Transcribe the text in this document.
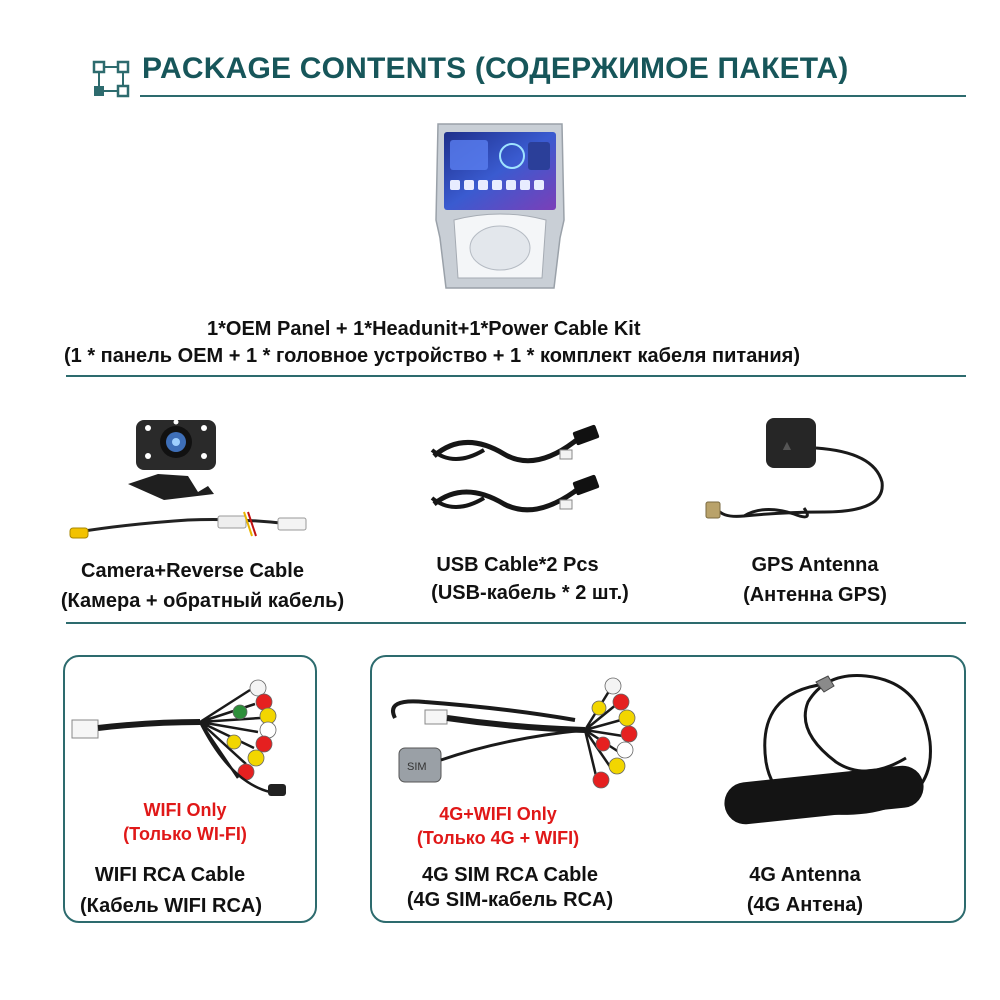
PACKAGE CONTENTS (СОДЕРЖИМОЕ ПАКЕТА)
1*OEM Panel + 1*Headunit+1*Power Cable Kit
(1 * панель OEM + 1 * головное устройство + 1 * комплект кабеля питания)
Camera+Reverse Cable
(Камера + обратный кабель)
USB Cable*2 Pcs
(USB-кабель * 2 шт.)
▲
GPS Antenna
(Антенна GPS)
WIFI Only
(Только WI-FI)
WIFI RCA Cable
(Кабель WIFI RCA)
SIM
4G+WIFI Only
(Только 4G + WIFI)
4G SIM RCA Cable
(4G SIM-кабель RCA)
4G Antenna
(4G Антена)
